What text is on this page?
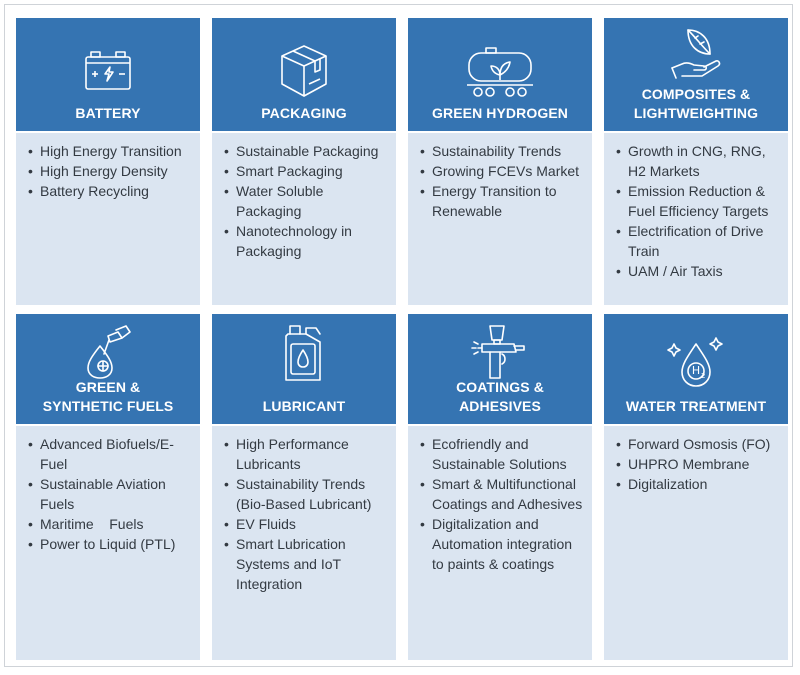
BATTERY
• High Energy Transition
• High Energy Density
• Battery Recycling
PACKAGING
• Sustainable Packaging
• Smart Packaging
• Water Soluble Packaging
• Nanotechnology in Packaging
GREEN HYDROGEN
• Sustainability Trends
• Growing FCEVs Market
• Energy Transition to Renewable
COMPOSITES &
LIGHTWEIGHTING
• Growth in CNG, RNG, H2 Markets
• Emission Reduction & Fuel Efficiency Targets
• Electrification of Drive Train
• UAM / Air Taxis
GREEN &
SYNTHETIC FUELS
• Advanced Biofuels/E-Fuel
• Sustainable Aviation Fuels
• Maritime    Fuels
• Power to Liquid (PTL)
LUBRICANT
• High Performance Lubricants
• Sustainability Trends (Bio-Based Lubricant)
• EV Fluids
• Smart Lubrication Systems and IoT Integration
COATINGS &
ADHESIVES
• Ecofriendly and Sustainable Solutions
• Smart & Multifunctional Coatings and Adhesives
• Digitalization and Automation integration to paints & coatings
H 2
WATER TREATMENT
• Forward Osmosis (FO)
• UHPRO Membrane
• Digitalization
